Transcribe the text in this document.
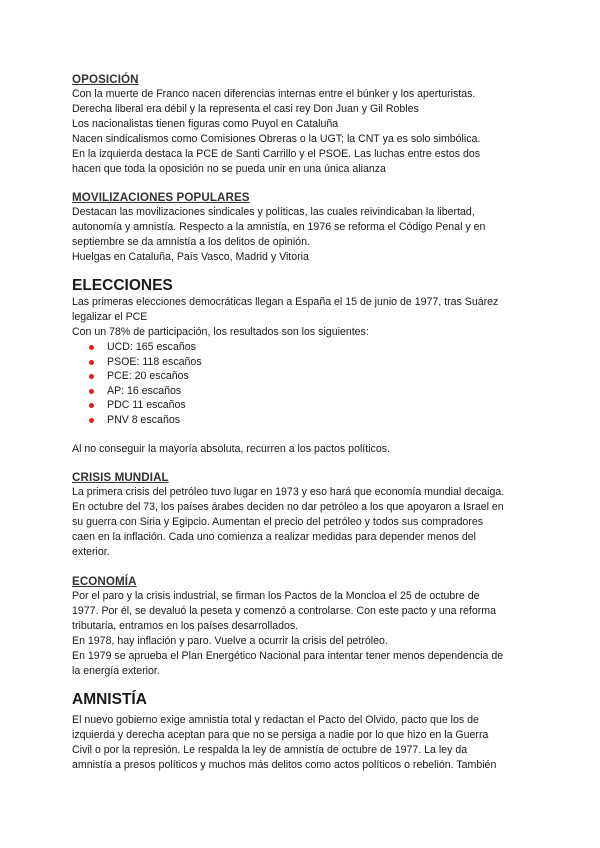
OPOSICIÓN

Con la muerte de Franco nacen diferencias internas entre el búnker y los aperturistas.

Derecha liberal era débil y la representa el casi rey Don Juan y Gil Robles

Los nacionalistas tienen figuras como Puyol en Cataluña

Nacen sindicalismos como Comisiones Obreras o la UGT; la CNT ya es solo simbólica.

En la izquierda destaca la PCE de Santi Carrillo y el PSOE. Las luchas entre estos dos

hacen que toda la oposición no se pueda unir en una única alianza

MOVILIZACIONES POPULARES

Destacan las movilizaciones sindicales y políticas, las cuales reivindicaban la libertad,

autonomía y amnistía. Respecto a la amnistía, en 1976 se reforma el Código Penal y en

septiembre se da amnistía a los delitos de opinión.

Huelgas en Cataluña, País Vasco, Madrid y Vitoria

ELECCIONES

Las primeras elecciones democráticas llegan a España el 15 de junio de 1977, tras Suárez

legalizar el PCE

Con un 78% de participación, los resultados son los siguientes:

UCD: 165 escaños
PSOE: 118 escaños
PCE: 20 escaños
AP: 16 escaños
PDC 11 escaños
PNV 8 escaños

Al no conseguir la mayoría absoluta, recurren a los pactos políticos.

CRISIS MUNDIAL

La primera crisis del petróleo tuvo lugar en 1973 y eso hará que economía mundial decaiga.

En octubre del 73, los países árabes deciden no dar petróleo a los que apoyaron a Israel en

su guerra con Siria y Egipcio. Aumentan el precio del petróleo y todos sus compradores

caen en la inflación. Cada uno comienza a realizar medidas para depender menos del

exterior.

ECONOMÍA

Por el paro y la crisis industrial, se firman los Pactos de la Moncloa el 25 de octubre de

1977. Por él, se devaluó la peseta y comenzó a controlarse. Con este pacto y una reforma

tributaria, entramos en los países desarrollados.

En 1978, hay inflación y paro. Vuelve a ocurrir la crisis del petróleo.

En 1979 se aprueba el Plan Energético Nacional para intentar tener menos dependencia de

la energía exterior.

AMNISTÍA

El nuevo gobierno exige amnistía total y redactan el Pacto del Olvido, pacto que los de

izquierda y derecha aceptan para que no se persiga a nadie por lo que hizo en la Guerra

Civil o por la represión. Le respalda la ley de amnistía de octubre de 1977. La ley da

amnistía a presos políticos y muchos más delitos como actos políticos o rebelión. También
